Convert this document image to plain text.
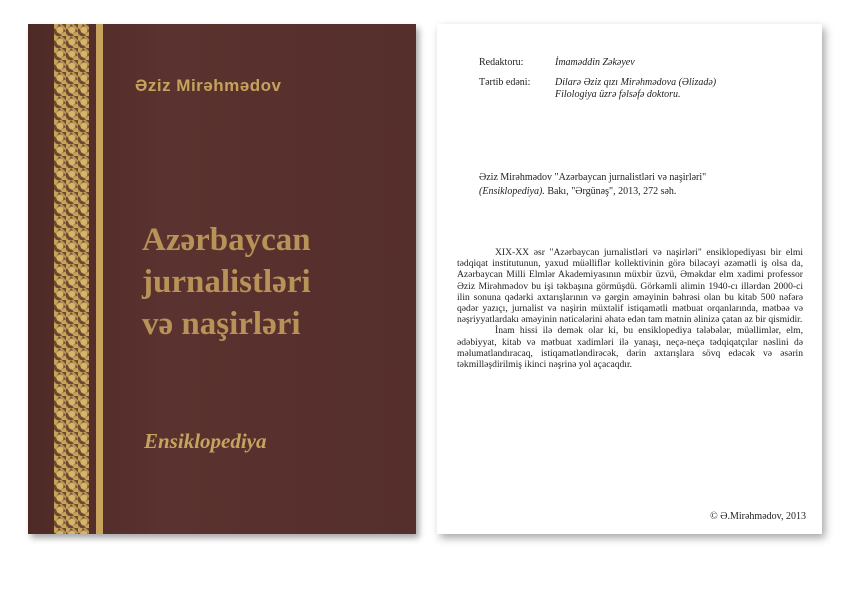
Əziz Mirəhmədov
Azərbaycan
jurnalistləri
və naşirləri
Ensiklopediya
Redaktoru:	İmaməddin Zəkəyev
Tərtib edəni:	Dilarə Əziz qızı Mirəhmədova (Əlizadə)
Filologiya üzrə fəlsəfə doktoru.
Əziz Mirəhmədov "Azərbaycan jurnalistləri və naşirləri"
(Ensiklopediya). Bakı, "Ərgünəş", 2013, 272 səh.

XIX-XX əsr "Azərbaycan jurnalistləri və naşirləri" ensiklopediyası bir elmi tədqiqat institutunun, yaxud müəlliflər kollektivinin görə biləcəyi əzəmətli iş olsa da, Azərbaycan Milli Elmlər Akademiyasının müxbir üzvü, Əməkdar elm xadimi professor Əziz Mirəhmədov bu işi təkbaşına görmüşdü. Görkəmli alimin 1940-cı illərdən 2000-ci ilin sonuna qədərki axtarışlarının və gərgin əməyinin bəhrəsi olan bu kitab 500 nəfərə qədər yazıçı, jurnalist və naşirin müxtəlif istiqamətli mətbuat orqanlarında, mətbəə və nəşriyyatlardakı əməyinin nəticələrini əhatə edən tam mətnin əlinizə çatan az bir qismidir.

İnam hissi ilə demək olar ki, bu ensiklopediya tələbələr, müəllimlər, elm, ədəbiyyat, kitab və mətbuat xadimləri ilə yanaşı, neçə-neçə tədqiqatçılar nəslini də məlumatlandıracaq, istiqamətləndirəcək, dərin axtarışlara sövq edəcək və əsərin təkmilləşdirilmiş ikinci nəşrinə yol açacaqdır.

© Ə.Mirəhmədov, 2013
